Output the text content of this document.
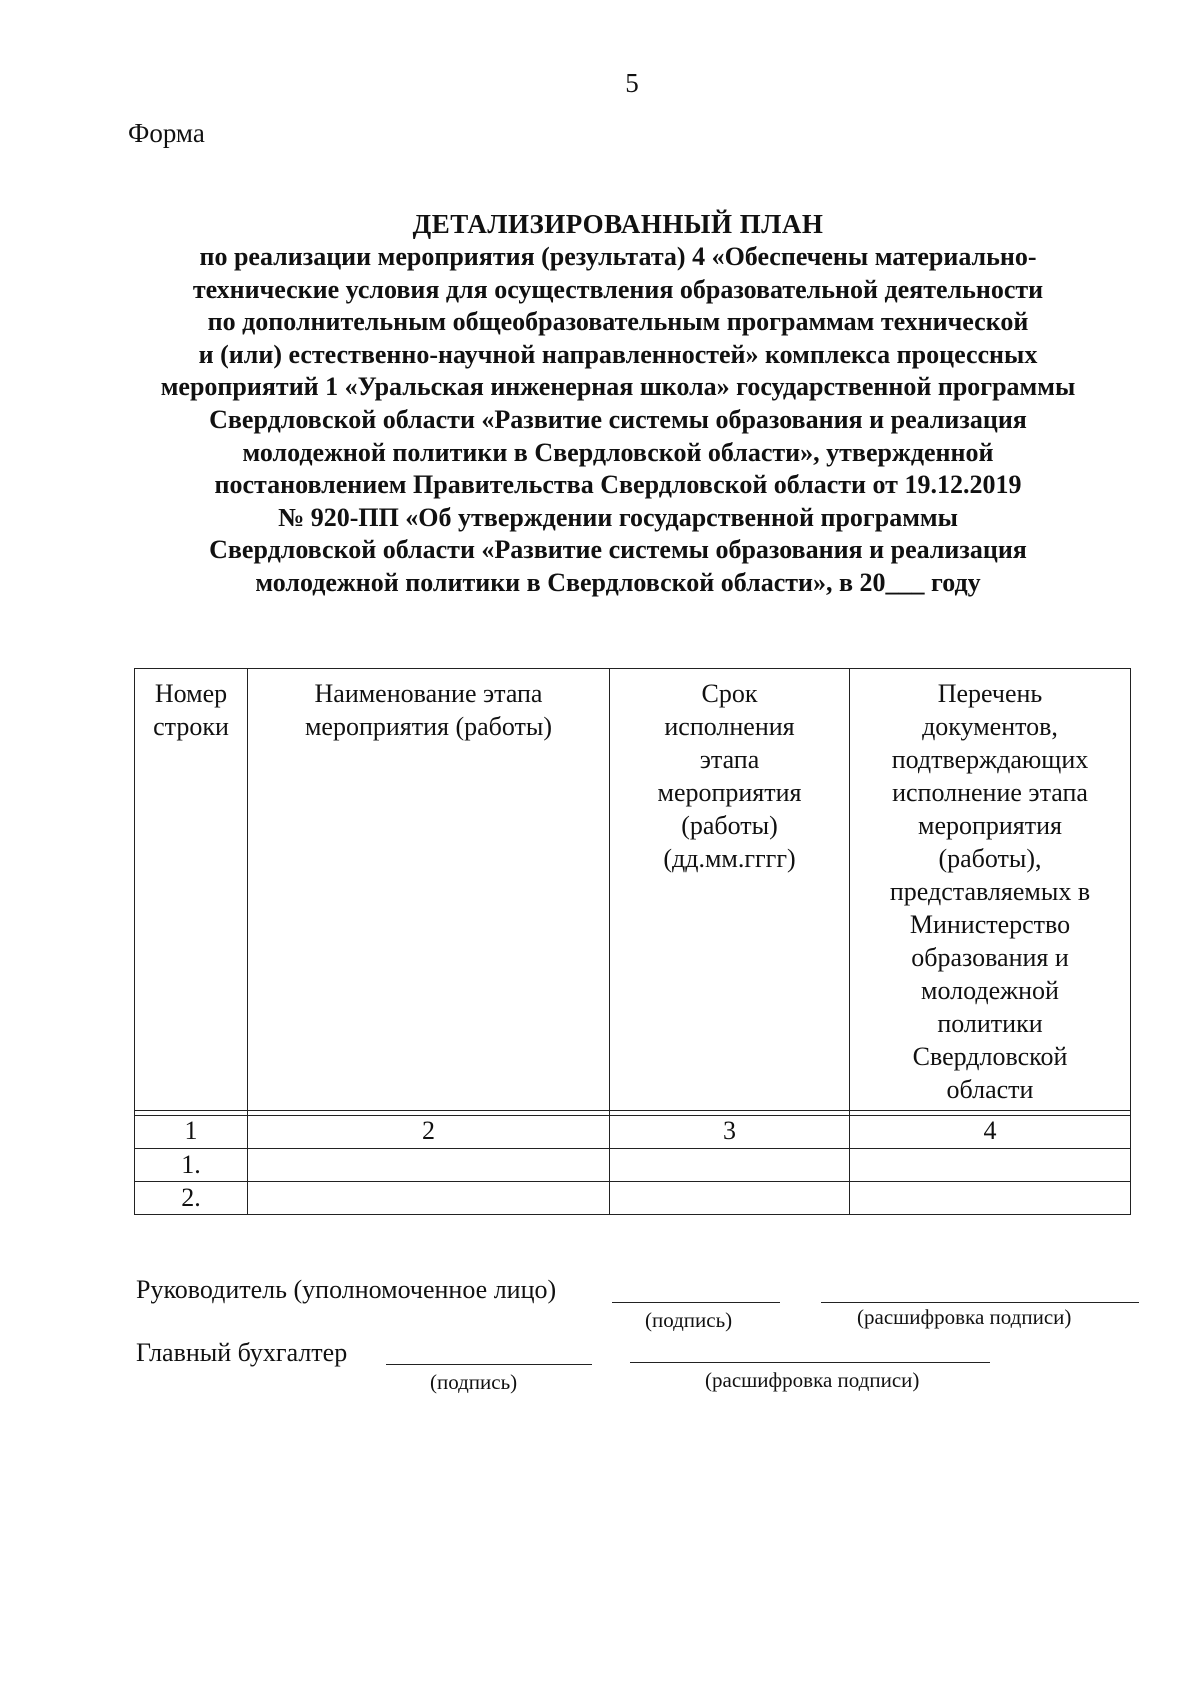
5
Форма
ДЕТАЛИЗИРОВАННЫЙ ПЛАН
по реализации мероприятия (результата) 4 «Обеспечены материально-
технические условия для осуществления образовательной деятельности
по дополнительным общеобразовательным программам технической
и (или) естественно-научной направленностей» комплекса процессных
мероприятий 1 «Уральская инженерная школа» государственной программы
Свердловской области «Развитие системы образования и реализация
молодежной политики в Свердловской области», утвержденной
постановлением Правительства Свердловской области от 19.12.2019
№ 920-ПП «Об утверждении государственной программы
Свердловской области «Развитие системы образования и реализация
молодежной политики в Свердловской области», в 20___ году
Номер строки	Наименование этапа мероприятия (работы)	Срок исполнения этапа мероприятия (работы) (дд.мм.гггг)	Перечень документов, подтверждающих исполнение этапа мероприятия (работы), представляемых в Министерство образования и молодежной политики Свердловской области

1	2	3	4
1.			
2.			
Руководитель (уполномоченное лицо)
(подпись)	(расшифровка подписи)
Главный бухгалтер
(подпись)	(расшифровка подписи)
